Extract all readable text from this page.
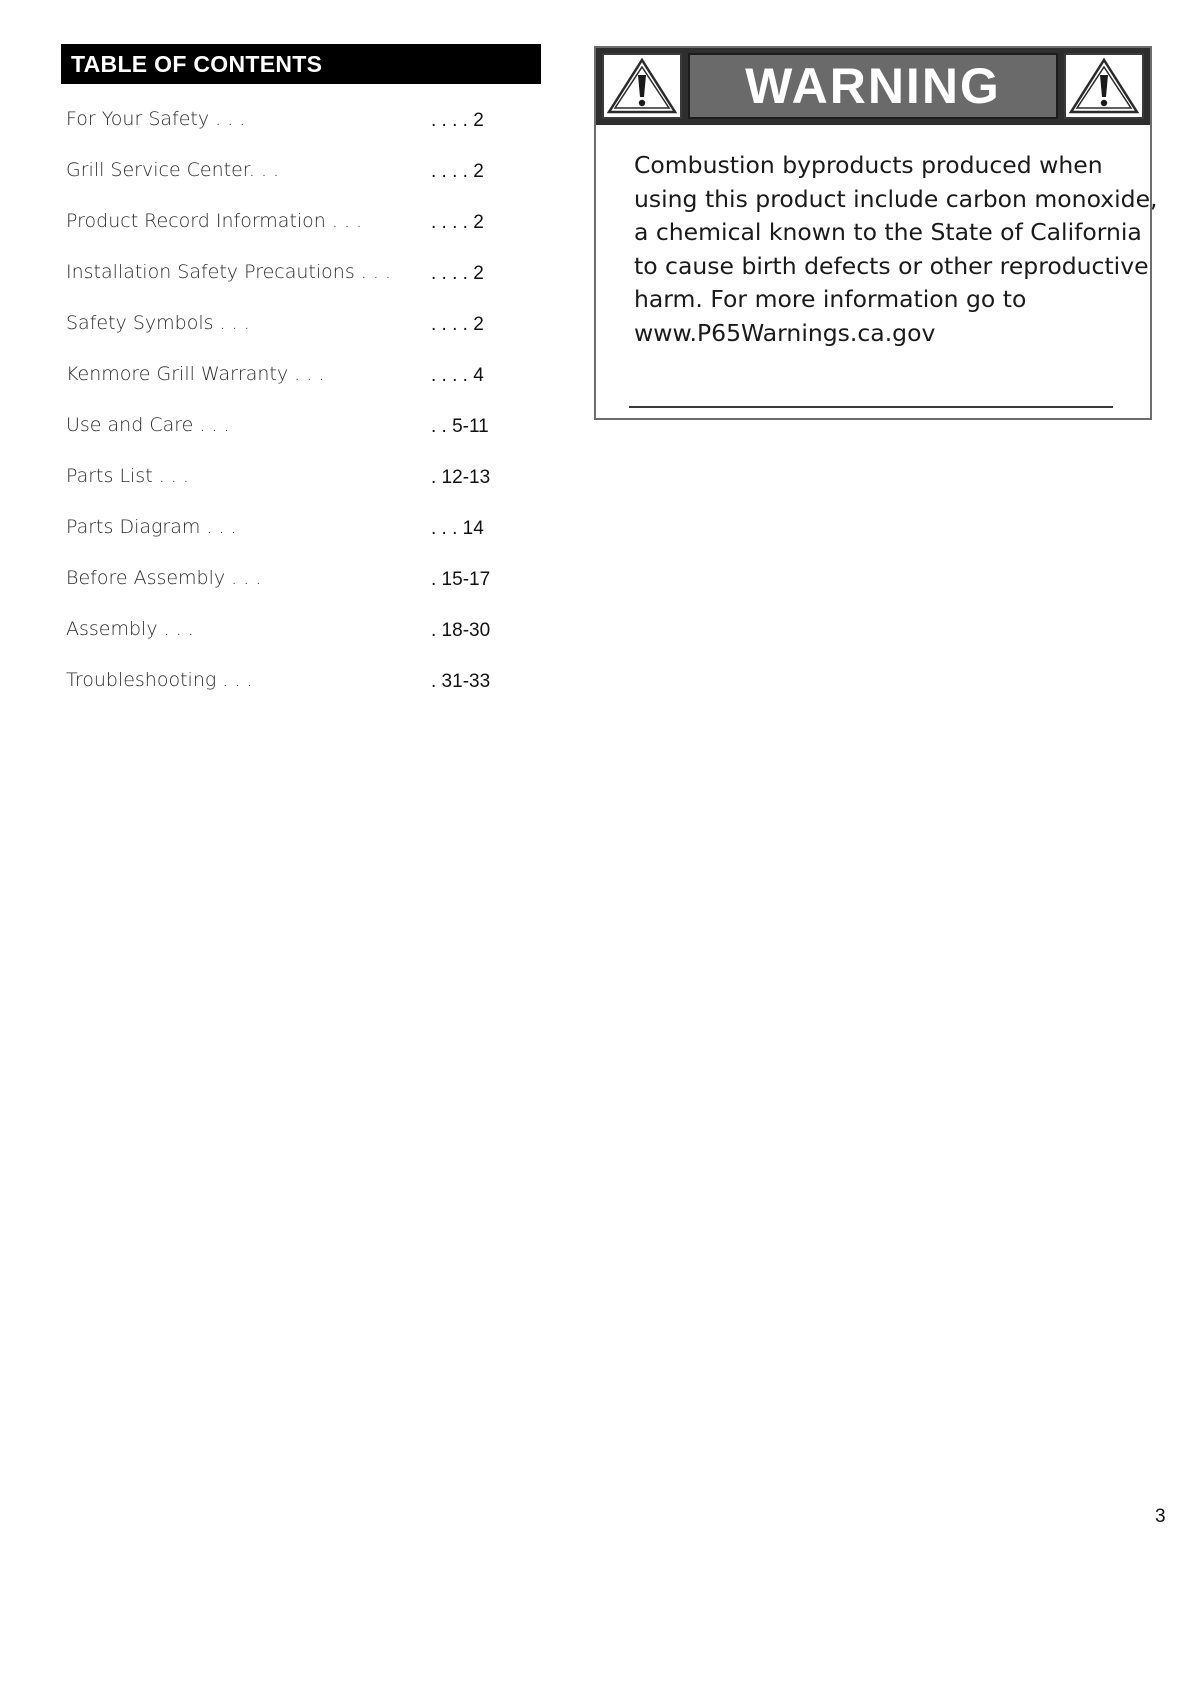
TABLE OF CONTENTS
For Your Safety . . .	. . . . 2
Grill Service Center. . .	. . . . 2
Product Record Information . . .	. . . . 2
Installation Safety Precautions . . . . . . . 2
Safety Symbols . . .	. . . . 2
Kenmore Grill Warranty . . .	. . . . 4
Use and Care . . .	. . 5-11
Parts List . . .	. 12-13
Parts Diagram . . .	. . . 14
Before Assembly . . .	. 15-17
Assembly . . .	. 18-30
Troubleshooting . . .	. 31-33
WARNING
Combustion byproducts produced when
using this product include carbon monoxide,
a chemical known to the State of California
to cause birth defects or other reproductive
harm. For more information go to
www.P65Warnings.ca.gov
3
